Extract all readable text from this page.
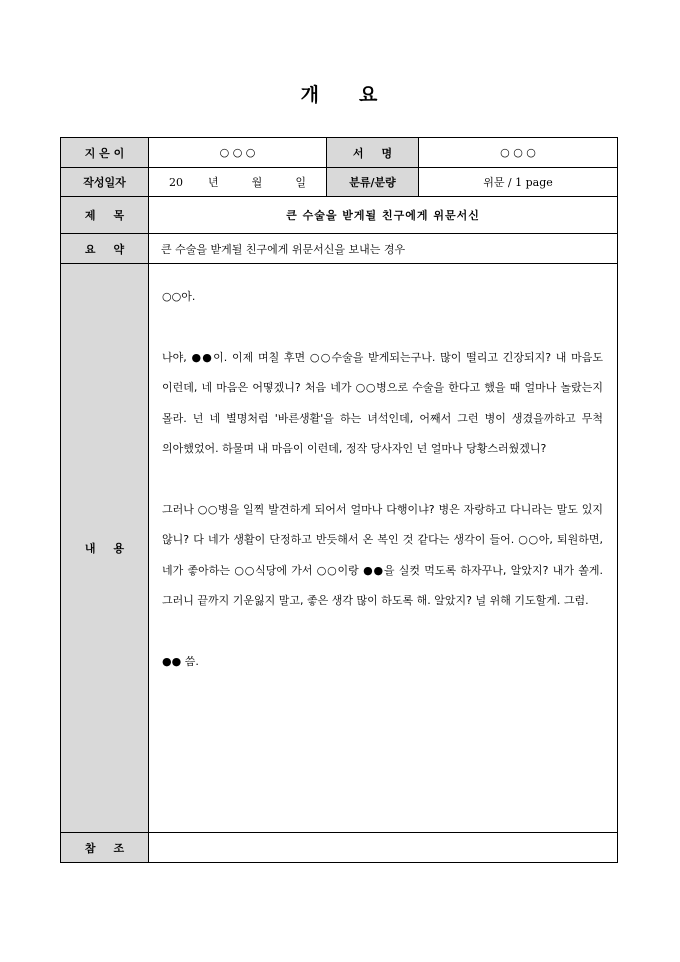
개 요
지 은 이	○ ○ ○	서 명	○ ○ ○
작성일자	20 년 월 일	분류/분량	위문 / 1 page
제 목	큰 수술을 받게될 친구에게 위문서신		
요 약	큰 수술을 받게될 친구에게 위문서신을 보내는 경우		
내 용	○○아.

나야, ●●이. 이제 며칠 후면 ○○수술을 받게되는구나. 많이 떨리고 긴장되지? 내 마음도 이런데, 네 마음은 어떻겠니? 처음 네가 ○○병으로 수술을 한다고 했을 때 얼마나 놀랐는지 몰라. 넌 네 별명처럼 '바른생활'을 하는 녀석인데, 어째서 그런 병이 생겼을까하고 무척 의아했었어. 하물며 내 마음이 이런데, 정작 당사자인 넌 얼마나 당황스러웠겠니?

그러나 ○○병을 일찍 발견하게 되어서 얼마나 다행이냐? 병은 자랑하고 다니라는 말도 있지 않니? 다 네가 생활이 단정하고 반듯해서 온 복인 것 같다는 생각이 들어. ○○아, 퇴원하면, 네가 좋아하는 ○○식당에 가서 ○○이랑 ●●을 실컷 먹도록 하자꾸나, 알았지? 내가 쏠게. 그러니 끝까지 기운잃지 말고, 좋은 생각 많이 하도록 해. 알았지? 널 위해 기도할게. 그럼.

●● 씀.		

참 조			
